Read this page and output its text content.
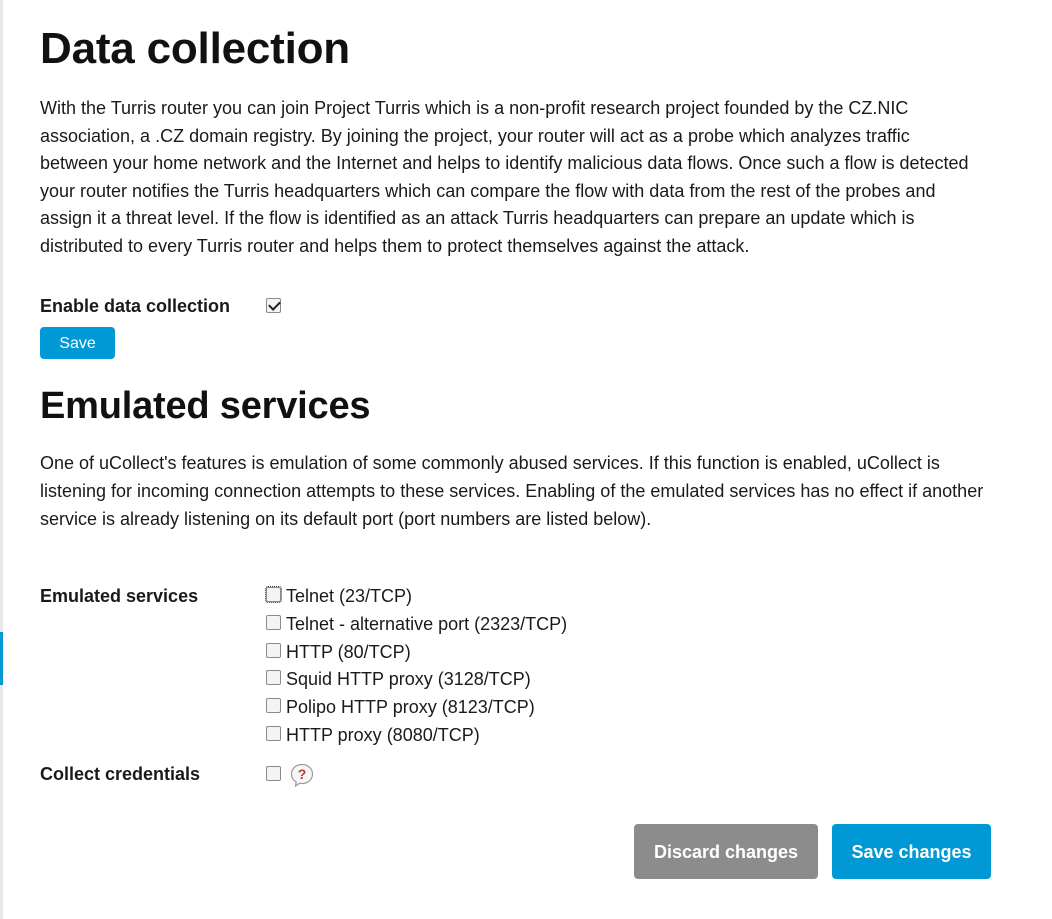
Data collection

With the Turris router you can join Project Turris which is a non-profit research project founded by the CZ.NIC association, a .CZ domain registry. By joining the project, your router will act as a probe which analyzes traffic between your home network and the Internet and helps to identify malicious data flows. Once such a flow is detected your router notifies the Turris headquarters which can compare the flow with data from the rest of the probes and assign it a threat level. If the flow is identified as an attack Turris headquarters can prepare an update which is distributed to every Turris router and helps them to protect themselves against the attack.

Enable data collection
Save
Emulated services

One of uCollect's features is emulation of some commonly abused services. If this function is enabled, uCollect is listening for incoming connection attempts to these services. Enabling of the emulated services has no effect if another service is already listening on its default port (port numbers are listed below).

Emulated services	Telnet (23/TCP)
Telnet - alternative port (2323/TCP)
HTTP (80/TCP)
Squid HTTP proxy (3128/TCP)
Polipo HTTP proxy (8123/TCP)
HTTP proxy (8080/TCP)
Collect credentials	?
Discard changes	Save changes
